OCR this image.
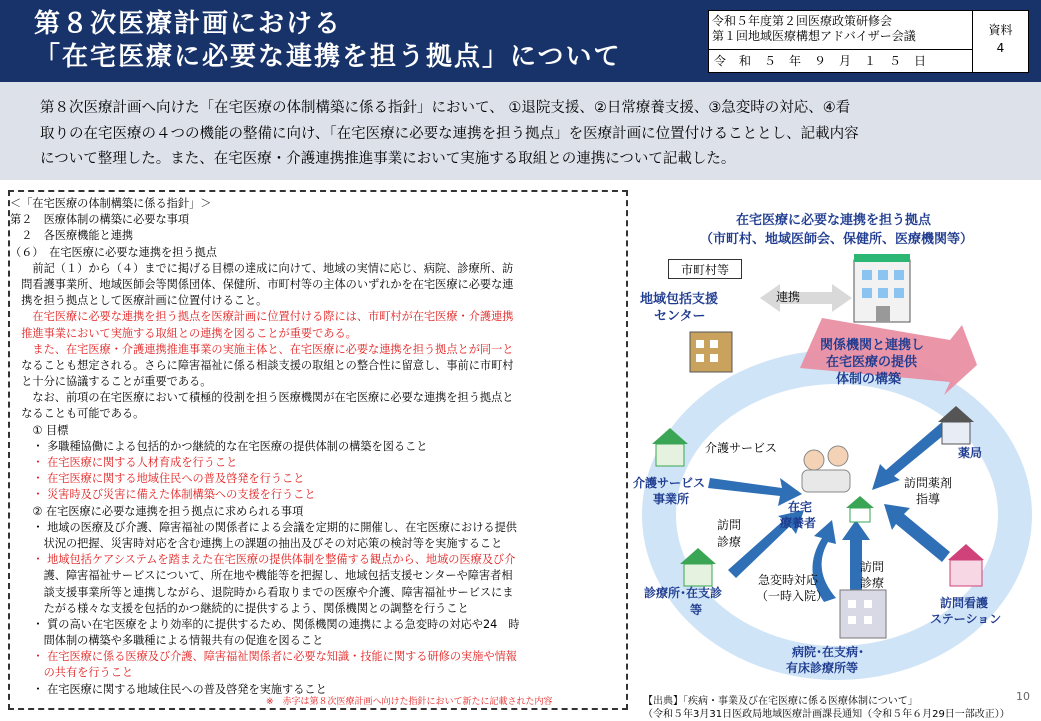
第８次医療計画における
「在宅医療に必要な連携を担う拠点」について
令和５年度第２回医療政策研修会
第１回地域医療構想アドバイザー会議
令和５年９月１５日
資料
4
第８次医療計画へ向けた「在宅医療の体制構築に係る指針」において、 ①退院支援、②日常療養支援、③急変時の対応、④看
取りの在宅医療の４つの機能の整備に向け、「在宅医療に必要な連携を担う拠点」を医療計画に位置付けることとし、記載内容
について整理した。また、在宅医療・介護連携推進事業において実施する取組との連携について記載した。
＜「在宅医療の体制構築に係る指針」＞
第２　医療体制の構築に必要な事項
　２　各医療機能と連携
（６）　在宅医療に必要な連携を担う拠点
　　前記（１）から（４）までに掲げる目標の達成に向けて、地域の実情に応じ、病院、診療所、訪
　問看護事業所、地域医師会等関係団体、保健所、市町村等の主体のいずれかを在宅医療に必要な連
　携を担う拠点として医療計画に位置付けること。
　　在宅医療に必要な連携を担う拠点を医療計画に位置付ける際には、市町村が在宅医療・介護連携
　推進事業において実施する取組との連携を図ることが重要である。
　　また、在宅医療・介護連携推進事業の実施主体と、在宅医療に必要な連携を担う拠点とが同一と
　なることも想定される。さらに障害福祉に係る相談支援の取組との整合性に留意し、事前に市町村
　と十分に協議することが重要である。
　　なお、前項の在宅医療において積極的役割を担う医療機関が在宅医療に必要な連携を担う拠点と
　なることも可能である。
　　① 目標
　　・ 多職種協働による包括的かつ継続的な在宅医療の提供体制の構築を図ること
　　・ 在宅医療に関する人材育成を行うこと
　　・ 在宅医療に関する地域住民への普及啓発を行うこと
　　・ 災害時及び災害に備えた体制構築への支援を行うこと
　　② 在宅医療に必要な連携を担う拠点に求められる事項
　　・ 地域の医療及び介護、障害福祉の関係者による会議を定期的に開催し、在宅医療における提供
　　　状況の把握、災害時対応を含む連携上の課題の抽出及びその対応策の検討等を実施すること
　　・ 地域包括ケアシステムを踏まえた在宅医療の提供体制を整備する観点から、地域の医療及び介
　　　護、障害福祉サービスについて、所在地や機能等を把握し、地域包括支援センターや障害者相
　　　談支援事業所等と連携しながら、退院時から看取りまでの医療や介護、障害福祉サービスにま
　　　たがる様々な支援を包括的かつ継続的に提供するよう、関係機関との調整を行うこと
　　・ 質の高い在宅医療をより効率的に提供するため、関係機関の連携による急変時の対応や24　時
　　　間体制の構築や多職種による情報共有の促進を図ること
　　・ 在宅医療に係る医療及び介護、障害福祉関係者に必要な知識・技能に関する研修の実施や情報
　　　の共有を行うこと
　　・ 在宅医療に関する地域住民への普及啓発を実施すること
※　赤字は第８次医療計画へ向けた指針において新たに記載された内容
在宅医療に必要な連携を担う拠点
（市町村、地域医師会、保健所、医療機関等）
市町村等
地域包括支援
センター
連携
関係機関と連携し
在宅医療の提供
体制の構築
介護サービス
介護サービス
事業所
薬局
訪問薬剤
指導
在宅
療養者
訪問
診療
診療所･在支診
等
急変時対応
（一時入院）
訪問
診療
訪問看護
ステーション
病院･在支病･
有床診療所等
【出典】「疾病・事業及び在宅医療に係る医療体制について」
（令和５年3月31日医政局地域医療計画課長通知（令和５年６月29日一部改正））
10
